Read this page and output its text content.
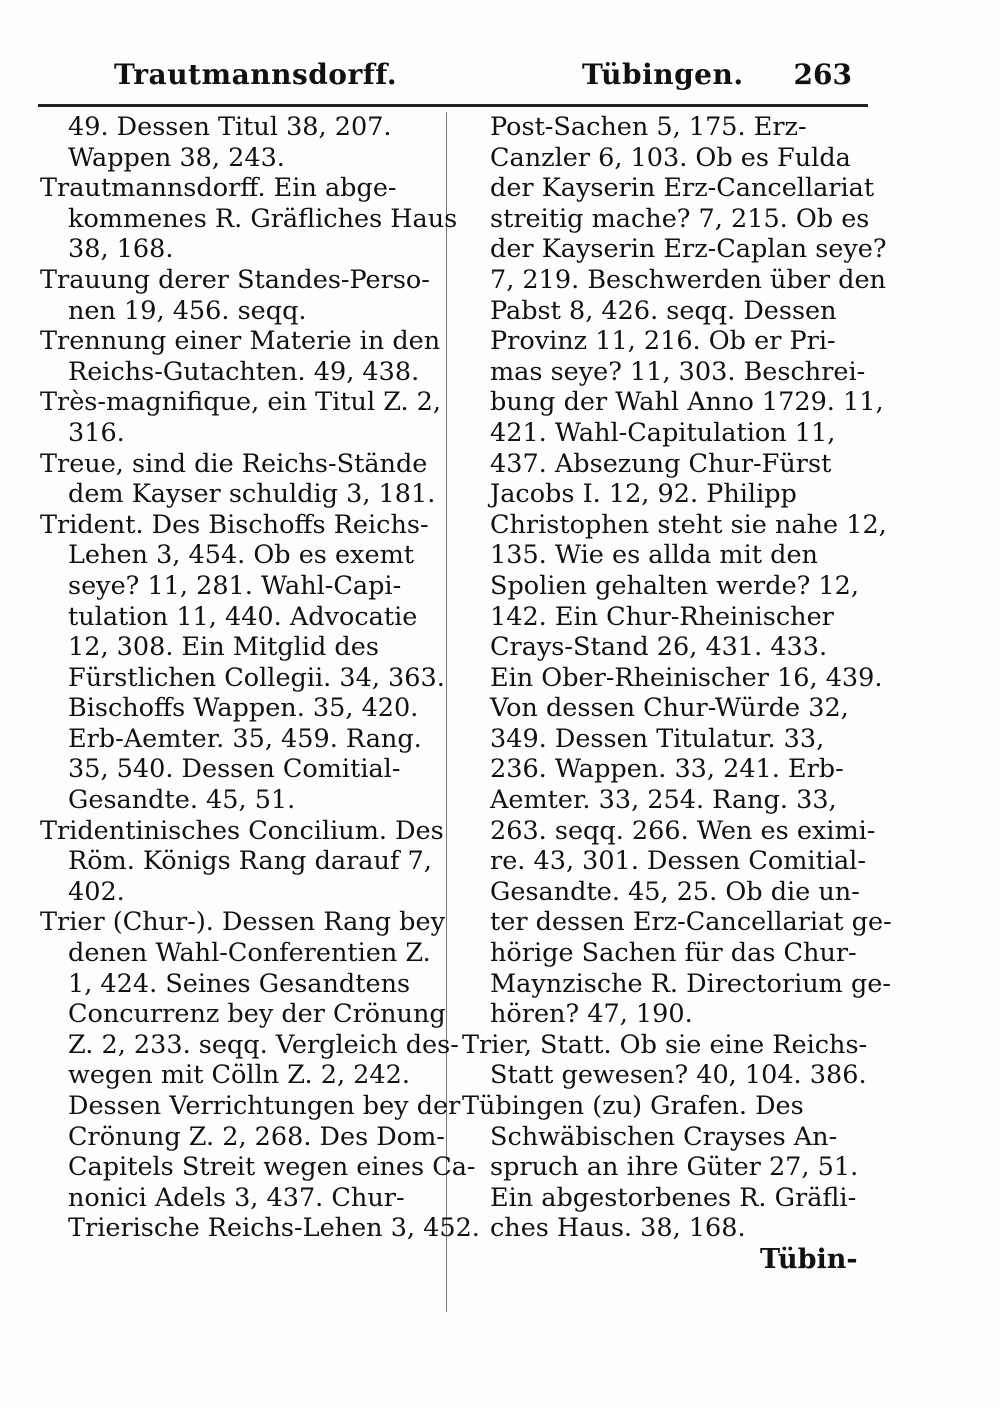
Trautmannsdorff.	Tübingen. 263
49. Dessen Titul 38, 207.
Wappen 38, 243.
Trautmannsdorff. Ein abge-
kommenes R. Gräfliches Haus
38, 168.
Trauung derer Standes-Perso-
nen 19, 456. seqq.
Trennung einer Materie in den
Reichs-Gutachten. 49, 438.
Très-magnifique, ein Titul Z. 2,
316.
Treue, sind die Reichs-Stände
dem Kayser schuldig 3, 181.
Trident. Des Bischoffs Reichs-
Lehen 3, 454. Ob es exemt
seye? 11, 281. Wahl-Capi-
tulation 11, 440. Advocatie
12, 308. Ein Mitglid des
Fürstlichen Collegii. 34, 363.
Bischoffs Wappen. 35, 420.
Erb-Aemter. 35, 459. Rang.
35, 540. Dessen Comitial-
Gesandte. 45, 51.
Tridentinisches Concilium. Des
Röm. Königs Rang darauf 7,
402.
Trier (Chur-). Dessen Rang bey
denen Wahl-Conferentien Z.
1, 424. Seines Gesandtens
Concurrenz bey der Crönung
Z. 2, 233. seqq. Vergleich des-
wegen mit Cölln Z. 2, 242.
Dessen Verrichtungen bey der
Crönung Z. 2, 268. Des Dom-
Capitels Streit wegen eines Ca-
nonici Adels 3, 437. Chur-
Trierische Reichs-Lehen 3, 452.
Post-Sachen 5, 175. Erz-
Canzler 6, 103. Ob es Fulda
der Kayserin Erz-Cancellariat
streitig mache? 7, 215. Ob es
der Kayserin Erz-Caplan seye?
7, 219. Beschwerden über den
Pabst 8, 426. seqq. Dessen
Provinz 11, 216. Ob er Pri-
mas seye? 11, 303. Beschrei-
bung der Wahl Anno 1729. 11,
421. Wahl-Capitulation 11,
437. Absezung Chur-Fürst
Jacobs I. 12, 92. Philipp
Christophen steht sie nahe 12,
135. Wie es allda mit den
Spolien gehalten werde? 12,
142. Ein Chur-Rheinischer
Crays-Stand 26, 431. 433.
Ein Ober-Rheinischer 16, 439.
Von dessen Chur-Würde 32,
349. Dessen Titulatur. 33,
236. Wappen. 33, 241. Erb-
Aemter. 33, 254. Rang. 33,
263. seqq. 266. Wen es eximi-
re. 43, 301. Dessen Comitial-
Gesandte. 45, 25. Ob die un-
ter dessen Erz-Cancellariat ge-
hörige Sachen für das Chur-
Maynzische R. Directorium ge-
hören? 47, 190.
Trier, Statt. Ob sie eine Reichs-
Statt gewesen? 40, 104. 386.
Tübingen (zu) Grafen. Des
Schwäbischen Crayses An-
spruch an ihre Güter 27, 51.
Ein abgestorbenes R. Gräfli-
ches Haus. 38, 168.
Tübin-
